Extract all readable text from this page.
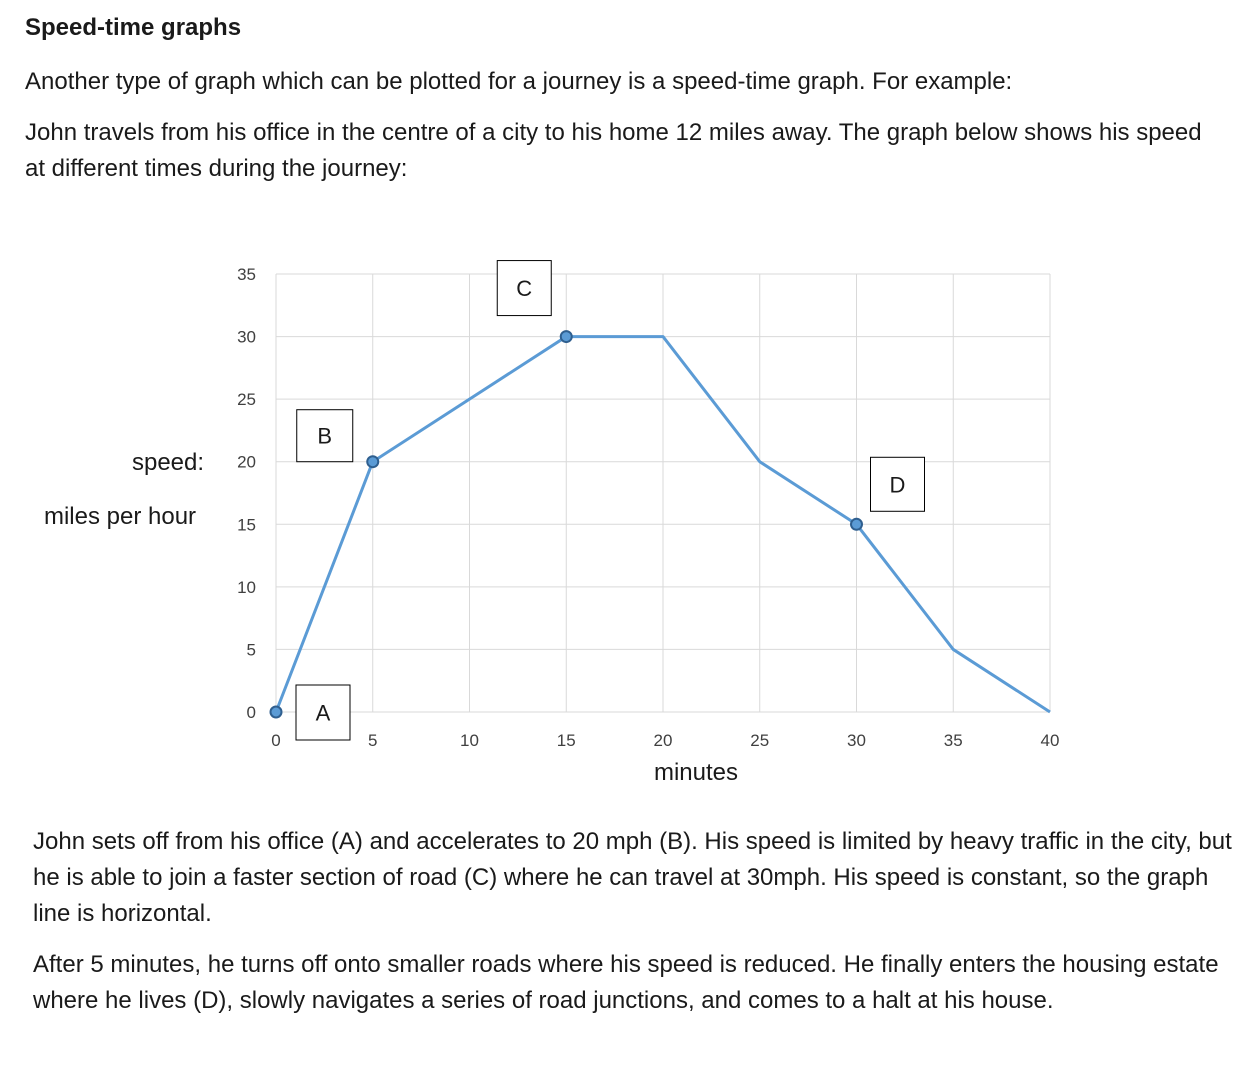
Speed-time graphs

Another type of graph which can be plotted for a journey is a speed-time graph. For example:

John travels from his office in the centre of a city to his home 12 miles away. The graph below shows his speed at different times during the journey:

0	5	10	15	20	25	30	35	40
0
5
10
15
20
25
30
35
A
B
C
D
speed:
miles per hour
minutes

John sets off from his office (A) and accelerates to 20 mph (B). His speed is limited by heavy traffic in the city, but he is able to join a faster section of road (C) where he can travel at 30mph. His speed is constant, so the graph line is horizontal.

After 5 minutes, he turns off onto smaller roads where his speed is reduced. He finally enters the housing estate where he lives (D), slowly navigates a series of road junctions, and comes to a halt at his house.
